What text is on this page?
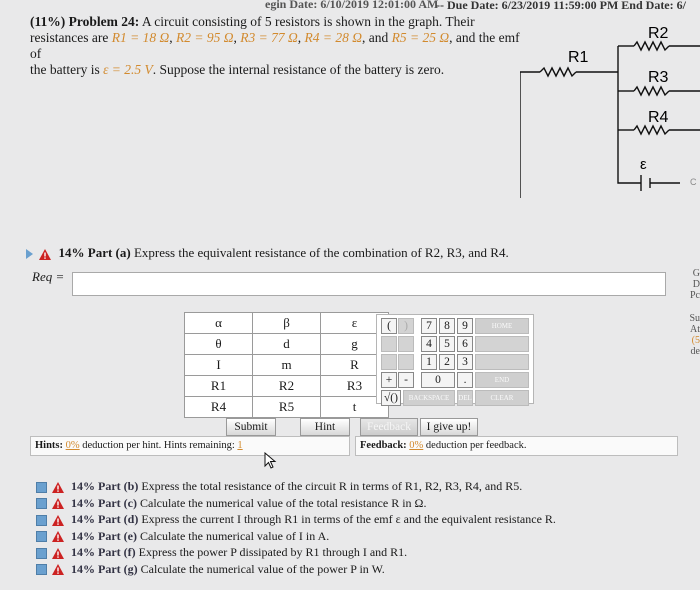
egin Date: 6/10/2019 12:01:00 AM
-- Due Date: 6/23/2019 11:59:00 PM End Date: 6/
(11%) Problem 24: A circuit consisting of 5 resistors is shown in the graph. Their
resistances are R1 = 18 Ω, R2 = 95 Ω, R3 = 77 Ω, R4 = 28 Ω, and R5 = 25 Ω, and the emf of
the battery is ε = 2.5 V. Suppose the internal resistance of the battery is zero.
R1
R2
R3
R4
ε
C
14% Part (a) Express the equivalent resistance of the combination of R2, R3, and R4.
Req =	G
D
Pc
Su
At
(5
de
α	β	ε
θ	d	g
I	m	R
R1	R2	R3
R4	R5	t
(	)	7	8	9	HOME
4	5	6
1	2	3
+	-	0	.	END
√()	BACKSPACE	DEL	CLEAR
Submit	Hint	Feedback	I give up!
Hints: 0% deduction per hint. Hints remaining: 1	Feedback: 0% deduction per feedback.
14% Part (b) Express the total resistance of the circuit R in terms of R1, R2, R3, R4, and R5.
14% Part (c) Calculate the numerical value of the total resistance R in Ω.
14% Part (d) Express the current I through R1 in terms of the emf ε and the equivalent resistance R.
14% Part (e) Calculate the numerical value of I in A.
14% Part (f) Express the power P dissipated by R1 through I and R1.
14% Part (g) Calculate the numerical value of the power P in W.
